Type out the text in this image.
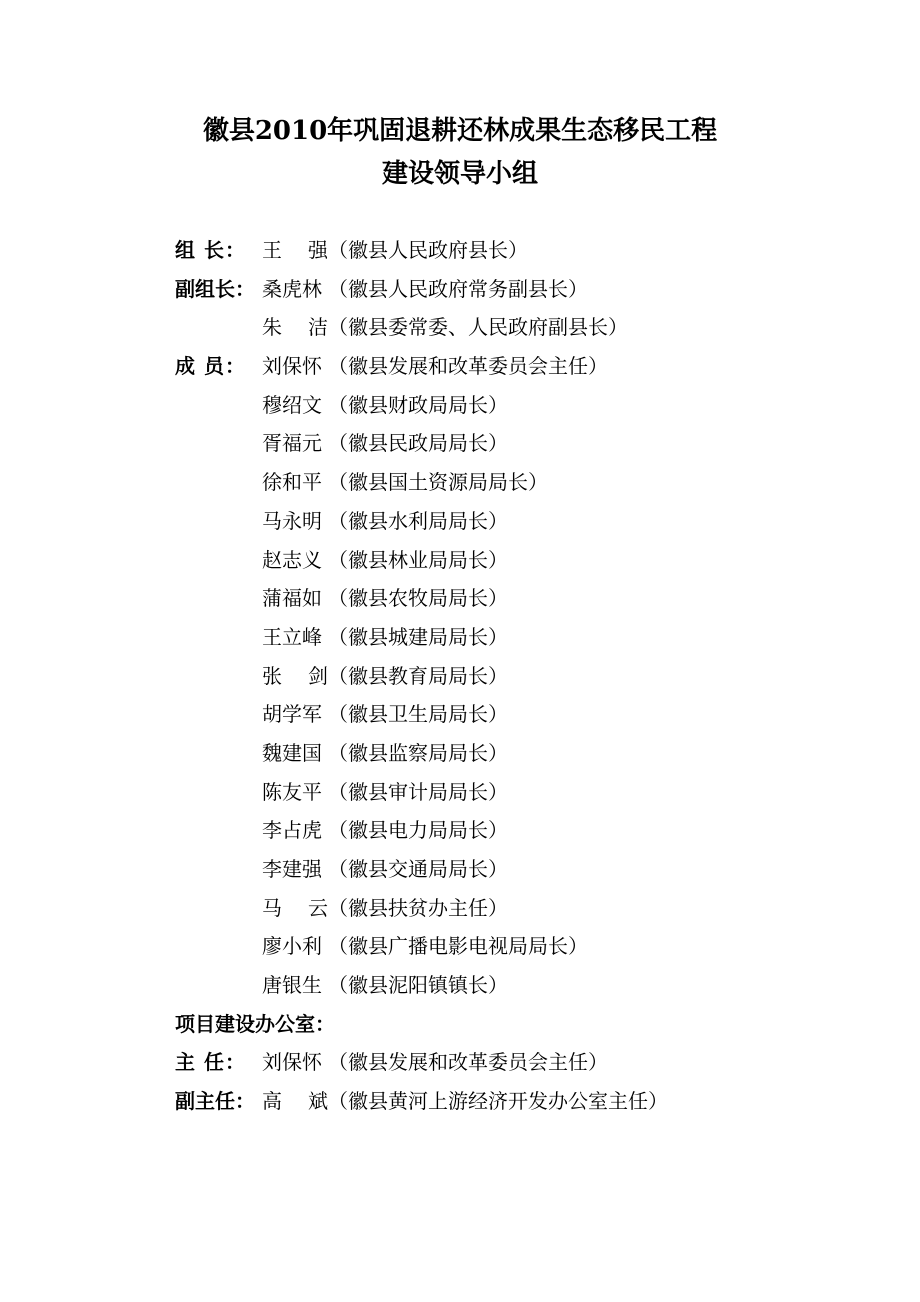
徽县2010年巩固退耕还林成果生态移民工程
建设领导小组
组 长： 王 强（徽县人民政府县长）
副组长： 桑虎林 （徽县人民政府常务副县长）
朱 洁（徽县委常委、人民政府副县长）
成 员： 刘保怀 （徽县发展和改革委员会主任）
穆绍文 （徽县财政局局长）
胥福元 （徽县民政局局长）
徐和平 （徽县国土资源局局长）
马永明 （徽县水利局局长）
赵志义 （徽县林业局局长）
蒲福如 （徽县农牧局局长）
王立峰 （徽县城建局局长）
张 剑（徽县教育局局长）
胡学军 （徽县卫生局局长）
魏建国 （徽县监察局局长）
陈友平 （徽县审计局局长）
李占虎 （徽县电力局局长）
李建强 （徽县交通局局长）
马 云（徽县扶贫办主任）
廖小利 （徽县广播电影电视局局长）
唐银生 （徽县泥阳镇镇长）
项目建设办公室：
主 任： 刘保怀 （徽县发展和改革委员会主任）
副主任： 高 斌（徽县黄河上游经济开发办公室主任）
